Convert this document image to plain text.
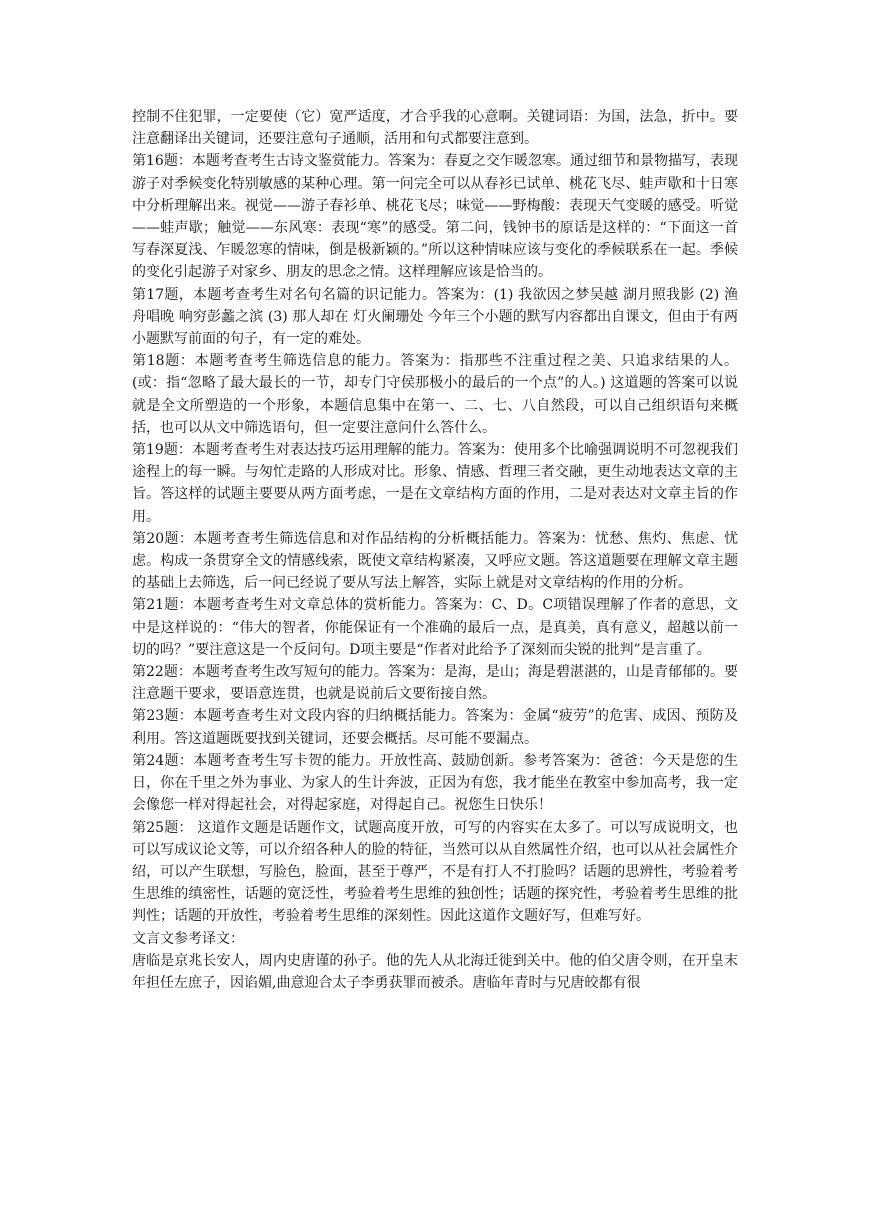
控制不住犯罪，一定要使（它）宽严适度，才合乎我的心意啊。关键词语：为国，法急，折中。要注意翻译出关键词，还要注意句子通顺，活用和句式都要注意到。

第16题：本题考查考生古诗文鉴赏能力。答案为：春夏之交乍暖忽寒。通过细节和景物描写，表现游子对季候变化特别敏感的某种心理。第一问完全可以从春衫已试单、桃花飞尽、蛙声歇和十日寒中分析理解出来。视觉——游子春衫单、桃花飞尽；味觉——野梅酸：表现天气变暖的感受。听觉——蛙声歇；触觉——东风寒：表现“寒”的感受。第二问，钱钟书的原话是这样的：“下面这一首写春深夏浅、乍暖忽寒的情味，倒是极新颖的。”所以这种情味应该与变化的季候联系在一起。季候的变化引起游子对家乡、朋友的思念之情。这样理解应该是恰当的。

第17题，本题考查考生对名句名篇的识记能力。答案为：(1) 我欲因之梦吴越 湖月照我影 (2) 渔舟唱晚 响穷彭蠡之滨 (3) 那人却在 灯火阑珊处 今年三个小题的默写内容都出自课文，但由于有两小题默写前面的句子，有一定的难处。

第18题：本题考查考生筛选信息的能力。答案为：指那些不注重过程之美、只追求结果的人。(或：指“忽略了最大最长的一节，却专门守侯那极小的最后的一个点”的人。) 这道题的答案可以说就是全文所塑造的一个形象，本题信息集中在第一、二、七、八自然段，可以自己组织语句来概括，也可以从文中筛选语句，但一定要注意问什么答什么。

第19题：本题考查考生对表达技巧运用理解的能力。答案为：使用多个比喻强调说明不可忽视我们途程上的每一瞬。与匆忙走路的人形成对比。形象、情感、哲理三者交融，更生动地表达文章的主旨。答这样的试题主要要从两方面考虑，一是在文章结构方面的作用，二是对表达对文章主旨的作用。

第20题：本题考查考生筛选信息和对作品结构的分析概括能力。答案为：忧愁、焦灼、焦虑、忧虑。构成一条贯穿全文的情感线索，既使文章结构紧凑，又呼应文题。答这道题要在理解文章主题的基础上去筛选，后一问已经说了要从写法上解答，实际上就是对文章结构的作用的分析。

第21题：本题考查考生对文章总体的赏析能力。答案为：C、D。C项错误理解了作者的意思，文中是这样说的：“伟大的智者，你能保证有一个准确的最后一点，是真美，真有意义，超越以前一切的吗？”要注意这是一个反问句。D项主要是“作者对此给予了深刻而尖锐的批判”是言重了。

第22题：本题考查考生改写短句的能力。答案为：是海，是山；海是碧湛湛的，山是青郁郁的。要注意题干要求，要语意连贯，也就是说前后文要衔接自然。

第23题：本题考查考生对文段内容的归纳概括能力。答案为：金属“疲劳”的危害、成因、预防及利用。答这道题既要找到关键词，还要会概括。尽可能不要漏点。

第24题：本题考查考生写卡贺的能力。开放性高、鼓励创新。参考答案为：爸爸：今天是您的生日，你在千里之外为事业、为家人的生计奔波，正因为有您，我才能坐在教室中参加高考，我一定会像您一样对得起社会，对得起家庭，对得起自己。祝您生日快乐！

第25题： 这道作文题是话题作文，试题高度开放，可写的内容实在太多了。可以写成说明文，也可以写成议论文等，可以介绍各种人的脸的特征，当然可以从自然属性介绍，也可以从社会属性介绍，可以产生联想，写脸色，脸面，甚至于尊严，不是有打人不打脸吗？话题的思辨性，考验着考生思维的缜密性，话题的宽泛性，考验着考生思维的独创性；话题的探究性，考验着考生思维的批判性；话题的开放性，考验着考生思维的深刻性。因此这道作文题好写，但难写好。

文言文参考译文：

唐临是京兆长安人，周内史唐谨的孙子。他的先人从北海迁徙到关中。他的伯父唐令则，在开皇末年担任左庶子，因谄媚,曲意迎合太子李勇获罪而被杀。唐临年青时与兄唐皎都有很
